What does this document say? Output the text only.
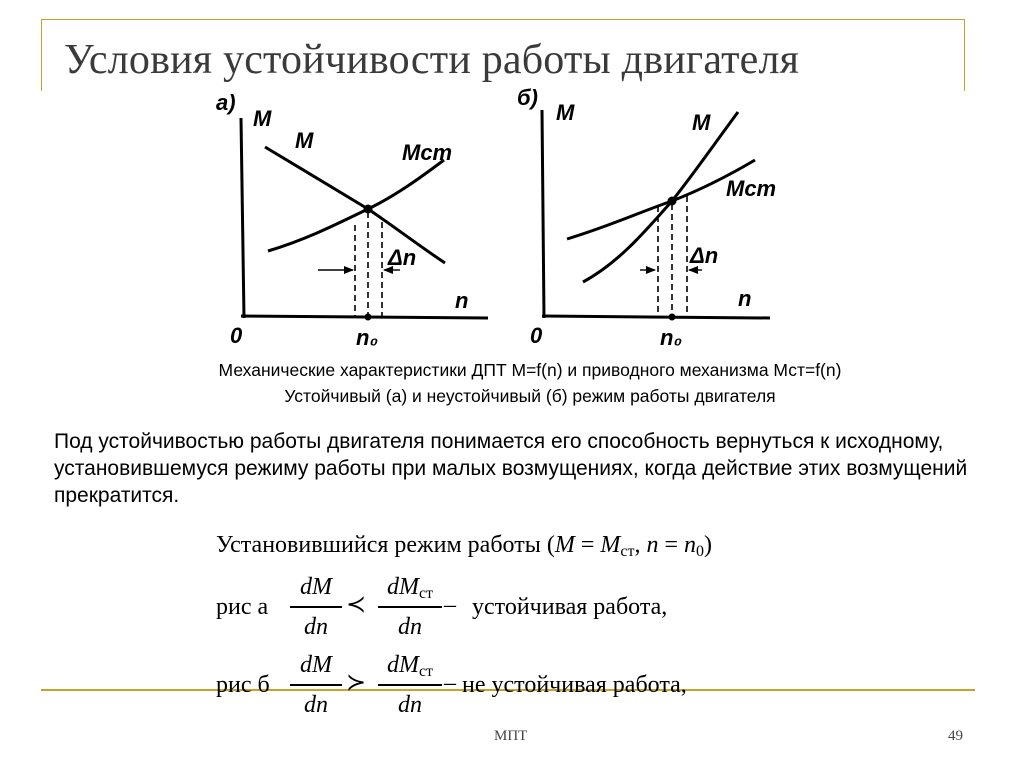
Условия устойчивости работы двигателя
а)
M
M	Mст
Δn
n
0	n₀
б)
M	M
Mст
Δn
n
0	n₀
Механические характеристики ДПТ М=f(n) и приводного механизма Мст=f(n)
Устойчивый (а) и неустойчивый (б) режим работы двигателя
Под устойчивостью работы двигателя понимается его способность вернуться к исходному, установившемуся режиму работы при малых возмущениях, когда действие этих возмущений прекратится.
Установившийся режим работы ($M = M_{ст}$, $n = n_0$)
рис а
dM
dn
≺
$dM_{ст}$
dn
– устойчивая работа,
рис б
dM
dn
≻
$dM_{ст}$
dn
– не устойчивая работа,
МПТ	49
